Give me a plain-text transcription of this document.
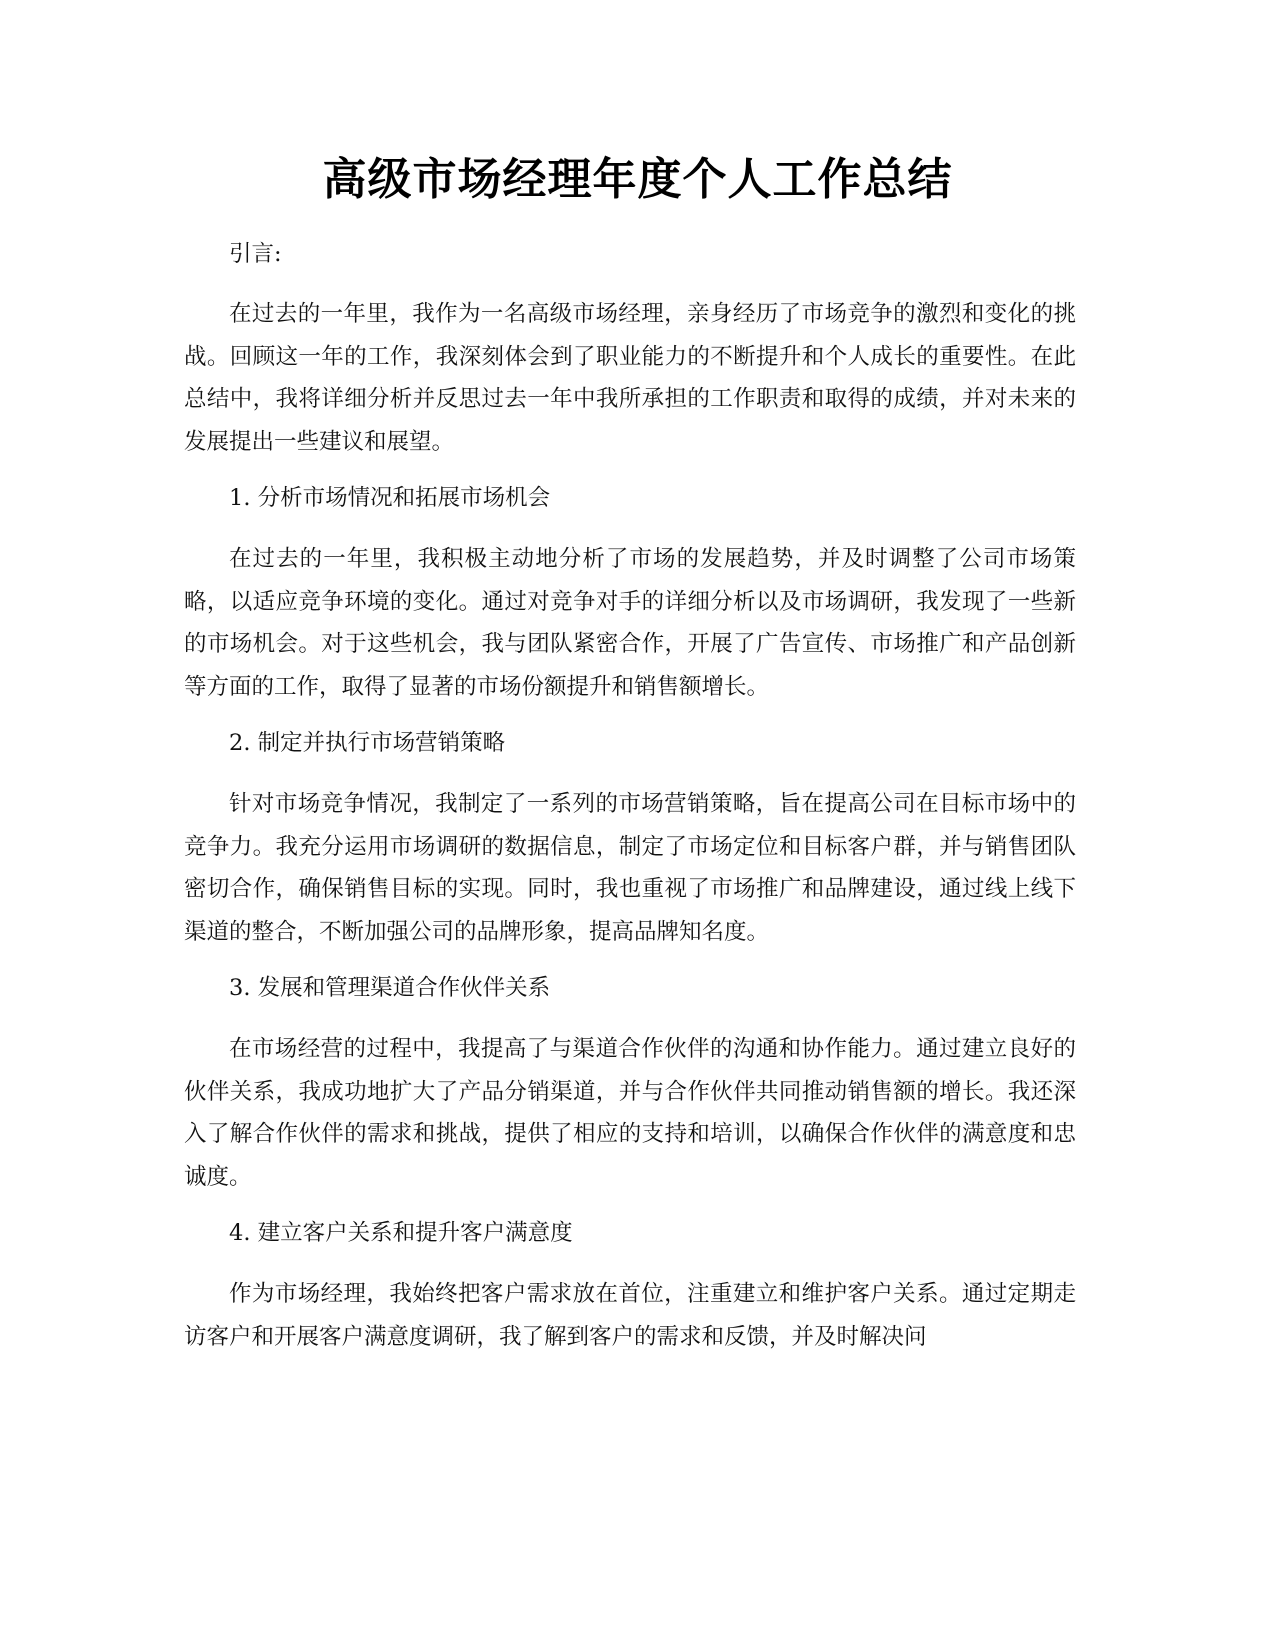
高级市场经理年度个人工作总结

引言:

在过去的一年里，我作为一名高级市场经理，亲身经历了市场竞争的激烈和变化的挑战。回顾这一年的工作，我深刻体会到了职业能力的不断提升和个人成长的重要性。在此总结中，我将详细分析并反思过去一年中我所承担的工作职责和取得的成绩，并对未来的发展提出一些建议和展望。

1. 分析市场情况和拓展市场机会

在过去的一年里，我积极主动地分析了市场的发展趋势，并及时调整了公司市场策略，以适应竞争环境的变化。通过对竞争对手的详细分析以及市场调研，我发现了一些新的市场机会。对于这些机会，我与团队紧密合作，开展了广告宣传、市场推广和产品创新等方面的工作，取得了显著的市场份额提升和销售额增长。

2. 制定并执行市场营销策略

针对市场竞争情况，我制定了一系列的市场营销策略，旨在提高公司在目标市场中的竞争力。我充分运用市场调研的数据信息，制定了市场定位和目标客户群，并与销售团队密切合作，确保销售目标的实现。同时，我也重视了市场推广和品牌建设，通过线上线下渠道的整合，不断加强公司的品牌形象，提高品牌知名度。

3. 发展和管理渠道合作伙伴关系

在市场经营的过程中，我提高了与渠道合作伙伴的沟通和协作能力。通过建立良好的伙伴关系，我成功地扩大了产品分销渠道，并与合作伙伴共同推动销售额的增长。我还深入了解合作伙伴的需求和挑战，提供了相应的支持和培训，以确保合作伙伴的满意度和忠诚度。

4. 建立客户关系和提升客户满意度

作为市场经理，我始终把客户需求放在首位，注重建立和维护客户关系。通过定期走访客户和开展客户满意度调研，我了解到客户的需求和反馈，并及时解决问
